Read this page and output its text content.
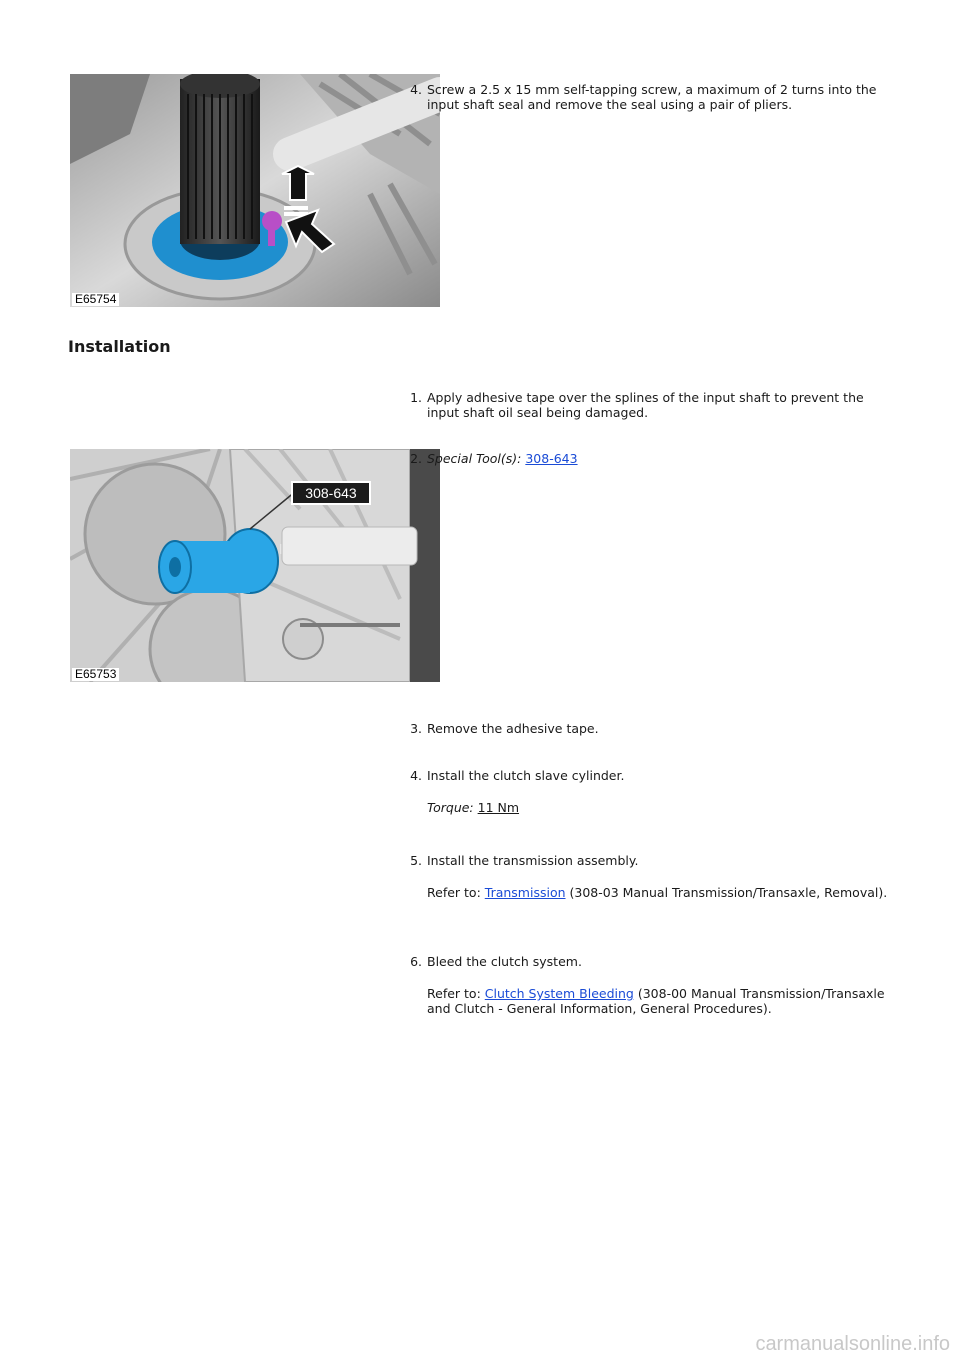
E65754
4. Screw a 2.5 x 15 mm self-tapping screw, a maximum of 2 turns into the input shaft seal and remove the seal using a pair of pliers.
Installation
1. Apply adhesive tape over the splines of the input shaft to prevent the input shaft oil seal being damaged.
308-643
E65753
2. Special Tool(s): 308-643
3. Remove the adhesive tape.
4. Install the clutch slave cylinder.
Torque: 11 Nm
5. Install the transmission assembly.
Refer to: Transmission (308-03 Manual Transmission/Transaxle, Removal).
6. Bleed the clutch system.
Refer to: Clutch System Bleeding (308-00 Manual Transmission/Transaxle and Clutch - General Information, General Procedures).
carmanualsonline.info
